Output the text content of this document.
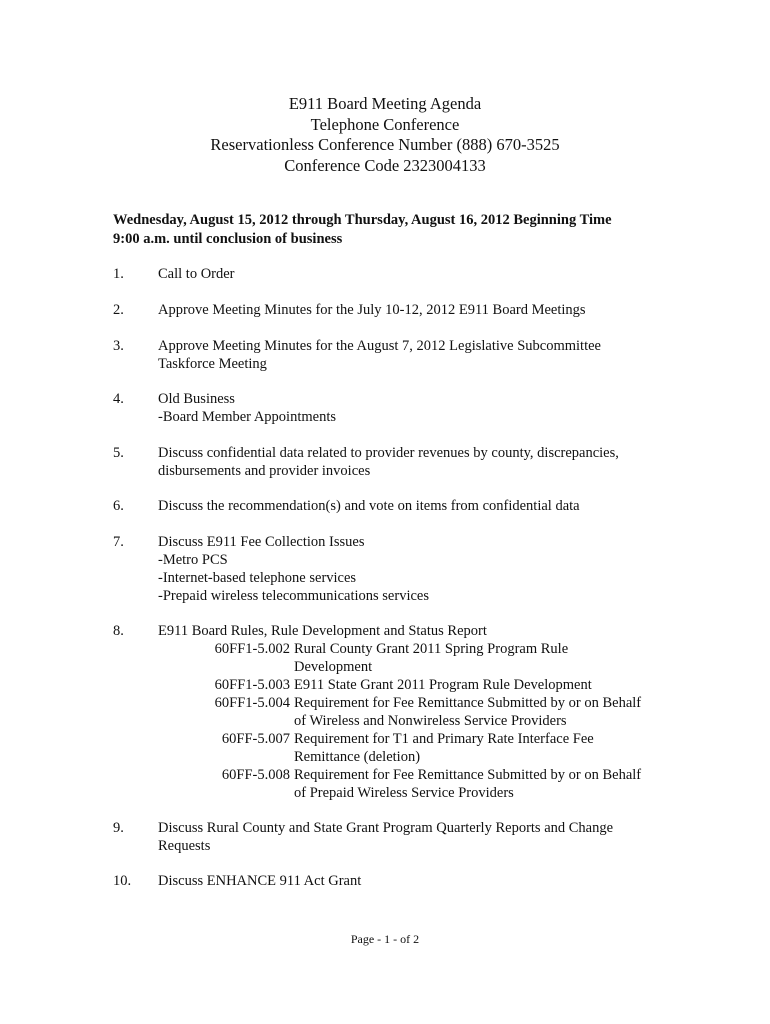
E911 Board Meeting Agenda
Telephone Conference
Reservationless Conference Number (888) 670-3525
Conference Code 2323004133
Wednesday, August 15, 2012 through Thursday, August 16, 2012 Beginning Time
9:00 a.m. until conclusion of business
1. Call to Order
2. Approve Meeting Minutes for the July 10-12, 2012 E911 Board Meetings
3. Approve Meeting Minutes for the August 7, 2012 Legislative Subcommittee
Taskforce Meeting
4. Old Business
-Board Member Appointments
5. Discuss confidential data related to provider revenues by county, discrepancies,
disbursements and provider invoices
6. Discuss the recommendation(s) and vote on items from confidential data
7. Discuss E911 Fee Collection Issues
-Metro PCS
-Internet-based telephone services
-Prepaid wireless telecommunications services
8. E911 Board Rules, Rule Development and Status Report
60FF1-5.002 Rural County Grant 2011 Spring Program Rule
Development
60FF1-5.003 E911 State Grant 2011 Program Rule Development
60FF1-5.004 Requirement for Fee Remittance Submitted by or on Behalf
of Wireless and Nonwireless Service Providers
60FF-5.007 Requirement for T1 and Primary Rate Interface Fee
Remittance (deletion)
60FF-5.008 Requirement for Fee Remittance Submitted by or on Behalf
of Prepaid Wireless Service Providers
9. Discuss Rural County and State Grant Program Quarterly Reports and Change
Requests
10. Discuss ENHANCE 911 Act Grant
Page - 1 - of 2
